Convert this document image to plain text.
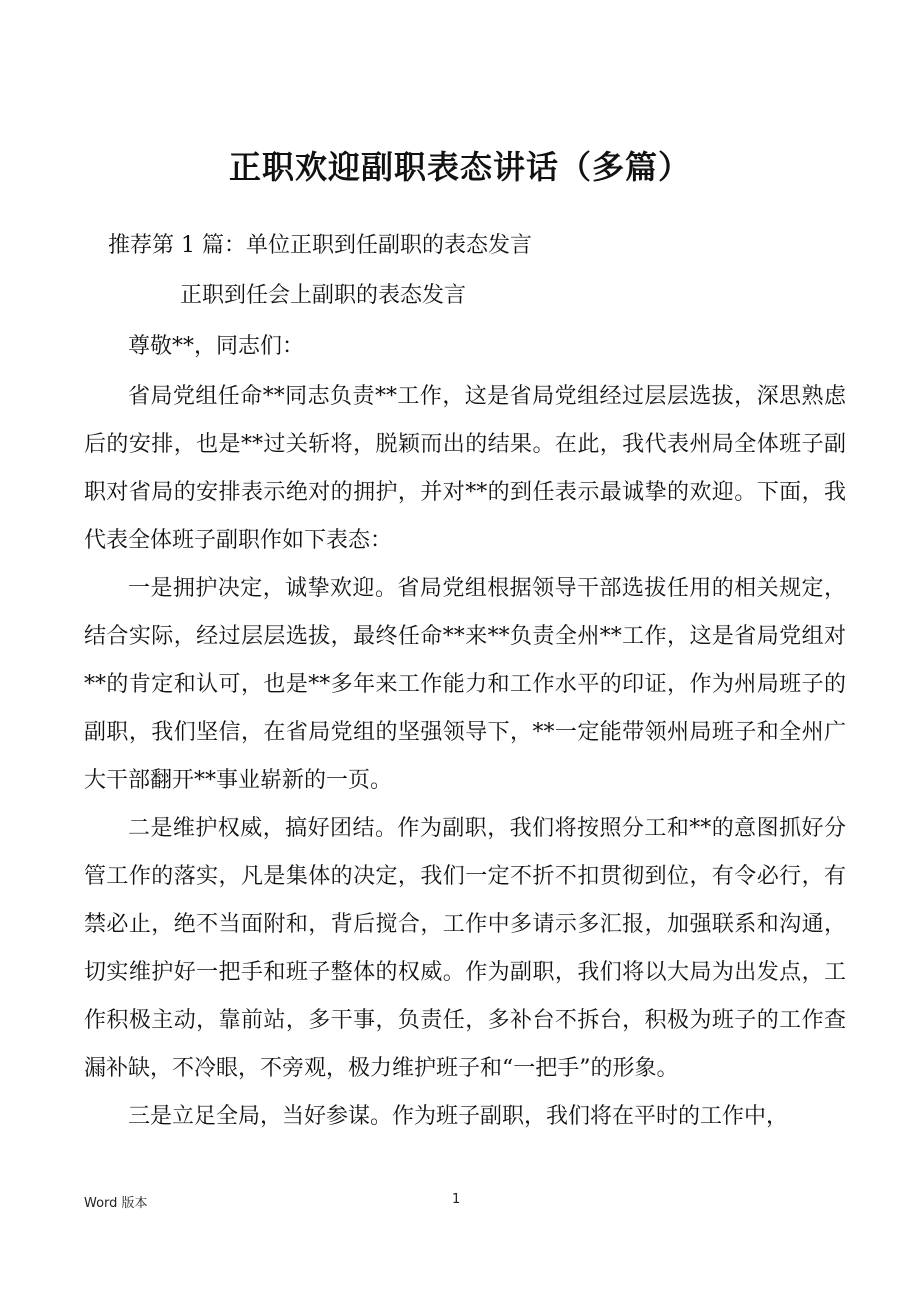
正职欢迎副职表态讲话（多篇）
推荐第 1 篇：单位正职到任副职的表态发言
正职到任会上副职的表态发言

尊敬**，同志们：

省局党组任命**同志负责**工作，这是省局党组经过层层选拔，深思熟虑后的安排，也是**过关斩将，脱颖而出的结果。在此，我代表州局全体班子副职对省局的安排表示绝对的拥护，并对**的到任表示最诚挚的欢迎。下面，我代表全体班子副职作如下表态：

一是拥护决定，诚挚欢迎。省局党组根据领导干部选拔任用的相关规定，结合实际，经过层层选拔，最终任命**来**负责全州**工作，这是省局党组对**的肯定和认可，也是**多年来工作能力和工作水平的印证，作为州局班子的副职，我们坚信，在省局党组的坚强领导下，**一定能带领州局班子和全州广大干部翻开**事业崭新的一页。

二是维护权威，搞好团结。作为副职，我们将按照分工和**的意图抓好分管工作的落实，凡是集体的决定，我们一定不折不扣贯彻到位，有令必行，有禁必止，绝不当面附和，背后搅合，工作中多请示多汇报，加强联系和沟通，切实维护好一把手和班子整体的权威。作为副职，我们将以大局为出发点，工作积极主动，靠前站，多干事，负责任，多补台不拆台，积极为班子的工作查漏补缺，不冷眼，不旁观，极力维护班子和“一把手”的形象。

三是立足全局，当好参谋。作为班子副职，我们将在平时的工作中，

Word 版本	1
